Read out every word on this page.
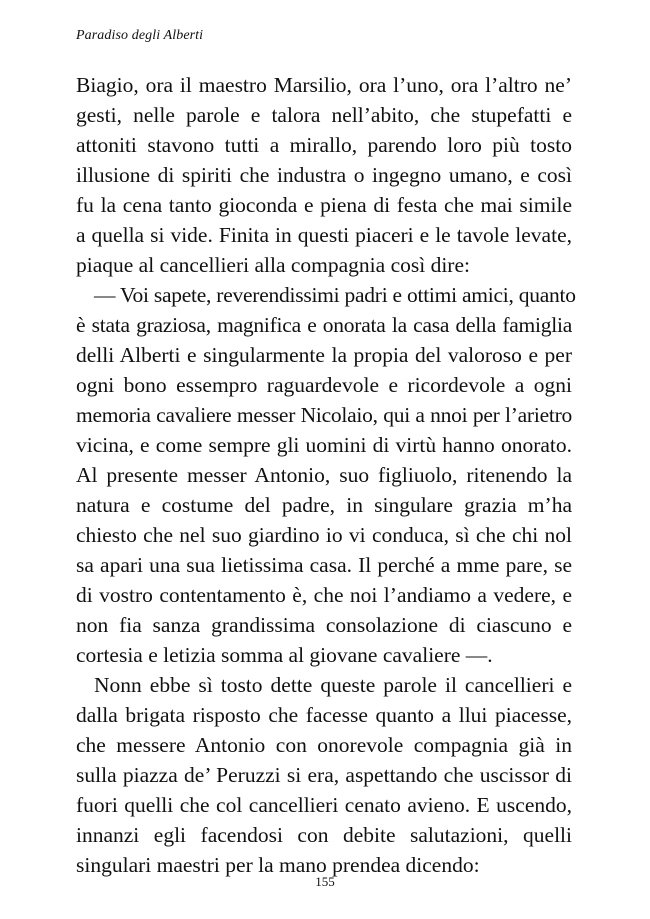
Paradiso degli Alberti
Biagio, ora il maestro Marsilio, ora l’uno, ora l’altro ne’
gesti, nelle parole e talora nell’abito, che stupefatti e
attoniti stavono tutti a mirallo, parendo loro più tosto
illusione di spiriti che industra o ingegno umano, e così
fu la cena tanto gioconda e piena di festa che mai simile
a quella si vide. Finita in questi piaceri e le tavole levate,
piaque al cancellieri alla compagnia così dire:
— Voi sapete, reverendissimi padri e ottimi amici, quanto
è stata graziosa, magnifica e onorata la casa della famiglia
delli Alberti e singularmente la propia del valoroso e per
ogni bono essempro raguardevole e ricordevole a ogni
memoria cavaliere messer Nicolaio, qui a nnoi per l’arietro
vicina, e come sempre gli uomini di virtù hanno onorato.
Al presente messer Antonio, suo figliuolo, ritenendo la
natura e costume del padre, in singulare grazia m’ha
chiesto che nel suo giardino io vi conduca, sì che chi nol
sa apari una sua lietissima casa. Il perché a mme pare, se
di vostro contentamento è, che noi l’andiamo a vedere, e
non fia sanza grandissima consolazione di ciascuno e
cortesia e letizia somma al giovane cavaliere —.
Nonn ebbe sì tosto dette queste parole il cancellieri e
dalla brigata risposto che facesse quanto a llui piacesse,
che messere Antonio con onorevole compagnia già in
sulla piazza de’ Peruzzi si era, aspettando che uscissor di
fuori quelli che col cancellieri cenato avieno. E uscendo,
innanzi egli facendosi con debite salutazioni, quelli
singulari maestri per la mano prendea dicendo:
155
